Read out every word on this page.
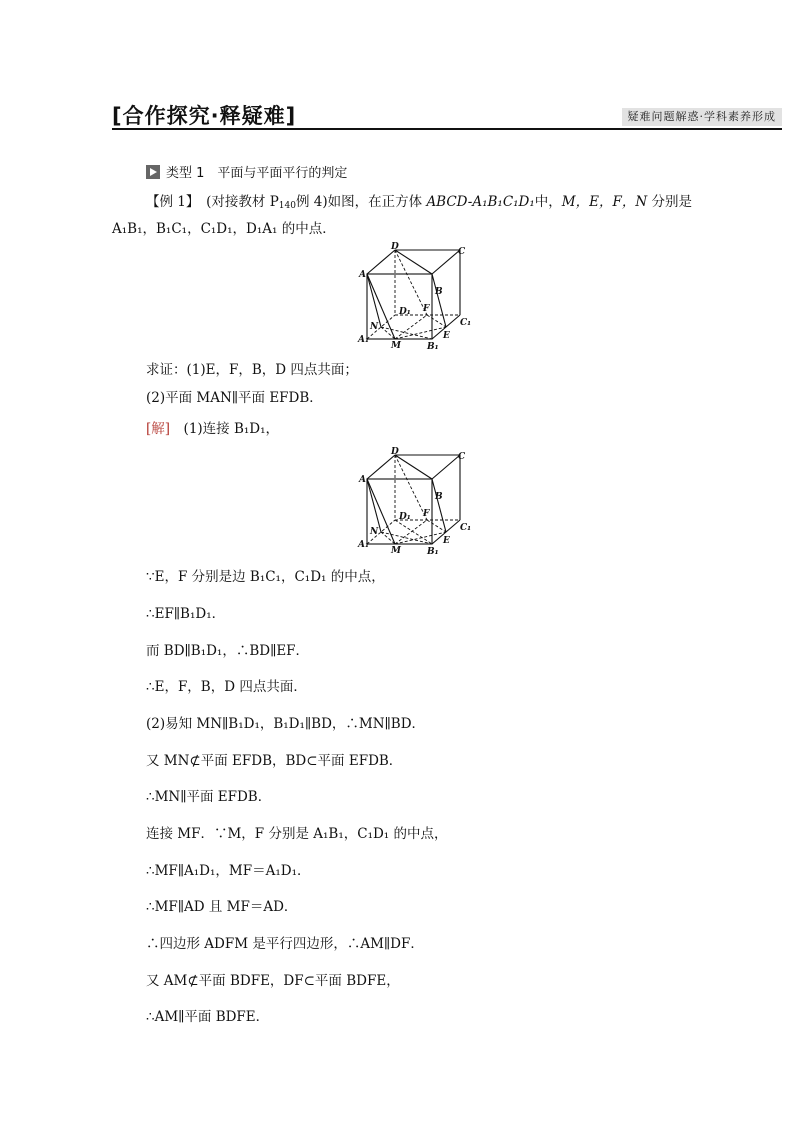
[合作探究·释疑难]	疑难问题解惑·学科素养形成
类型 1　平面与平面平行的判定
【例 1】　(对接教材 $P_{140}$例 4)如图，在正方体 ABCD-A₁B₁C₁D₁中，M，E，F，N 分别是
A₁B₁，B₁C₁，C₁D₁，D₁A₁ 的中点．
D	C
A
B
D₁ F
C₁
N
E
A₁
M	B₁
求证：(1)E，F，B，D 四点共面；
(2)平面 MAN∥平面 EFDB．
[解]　(1)连接 B₁D₁，
D	C
A
B
D₁ F
C₁
N
E
A₁
M	B₁
∵E，F 分别是边 B₁C₁，C₁D₁ 的中点，
∴EF∥B₁D₁．
而 BD∥B₁D₁，∴BD∥EF．
∴E，F，B，D 四点共面．
(2)易知 MN∥B₁D₁，B₁D₁∥BD，∴MN∥BD．
又 MN⊄平面 EFDB，BD⊂平面 EFDB．
∴MN∥平面 EFDB．
连接 MF．∵M，F 分别是 A₁B₁，C₁D₁ 的中点，
∴MF∥A₁D₁，MF＝A₁D₁．
∴MF∥AD 且 MF＝AD．
∴四边形 ADFM 是平行四边形，∴AM∥DF．
又 AM⊄平面 BDFE，DF⊂平面 BDFE，
∴AM∥平面 BDFE．
